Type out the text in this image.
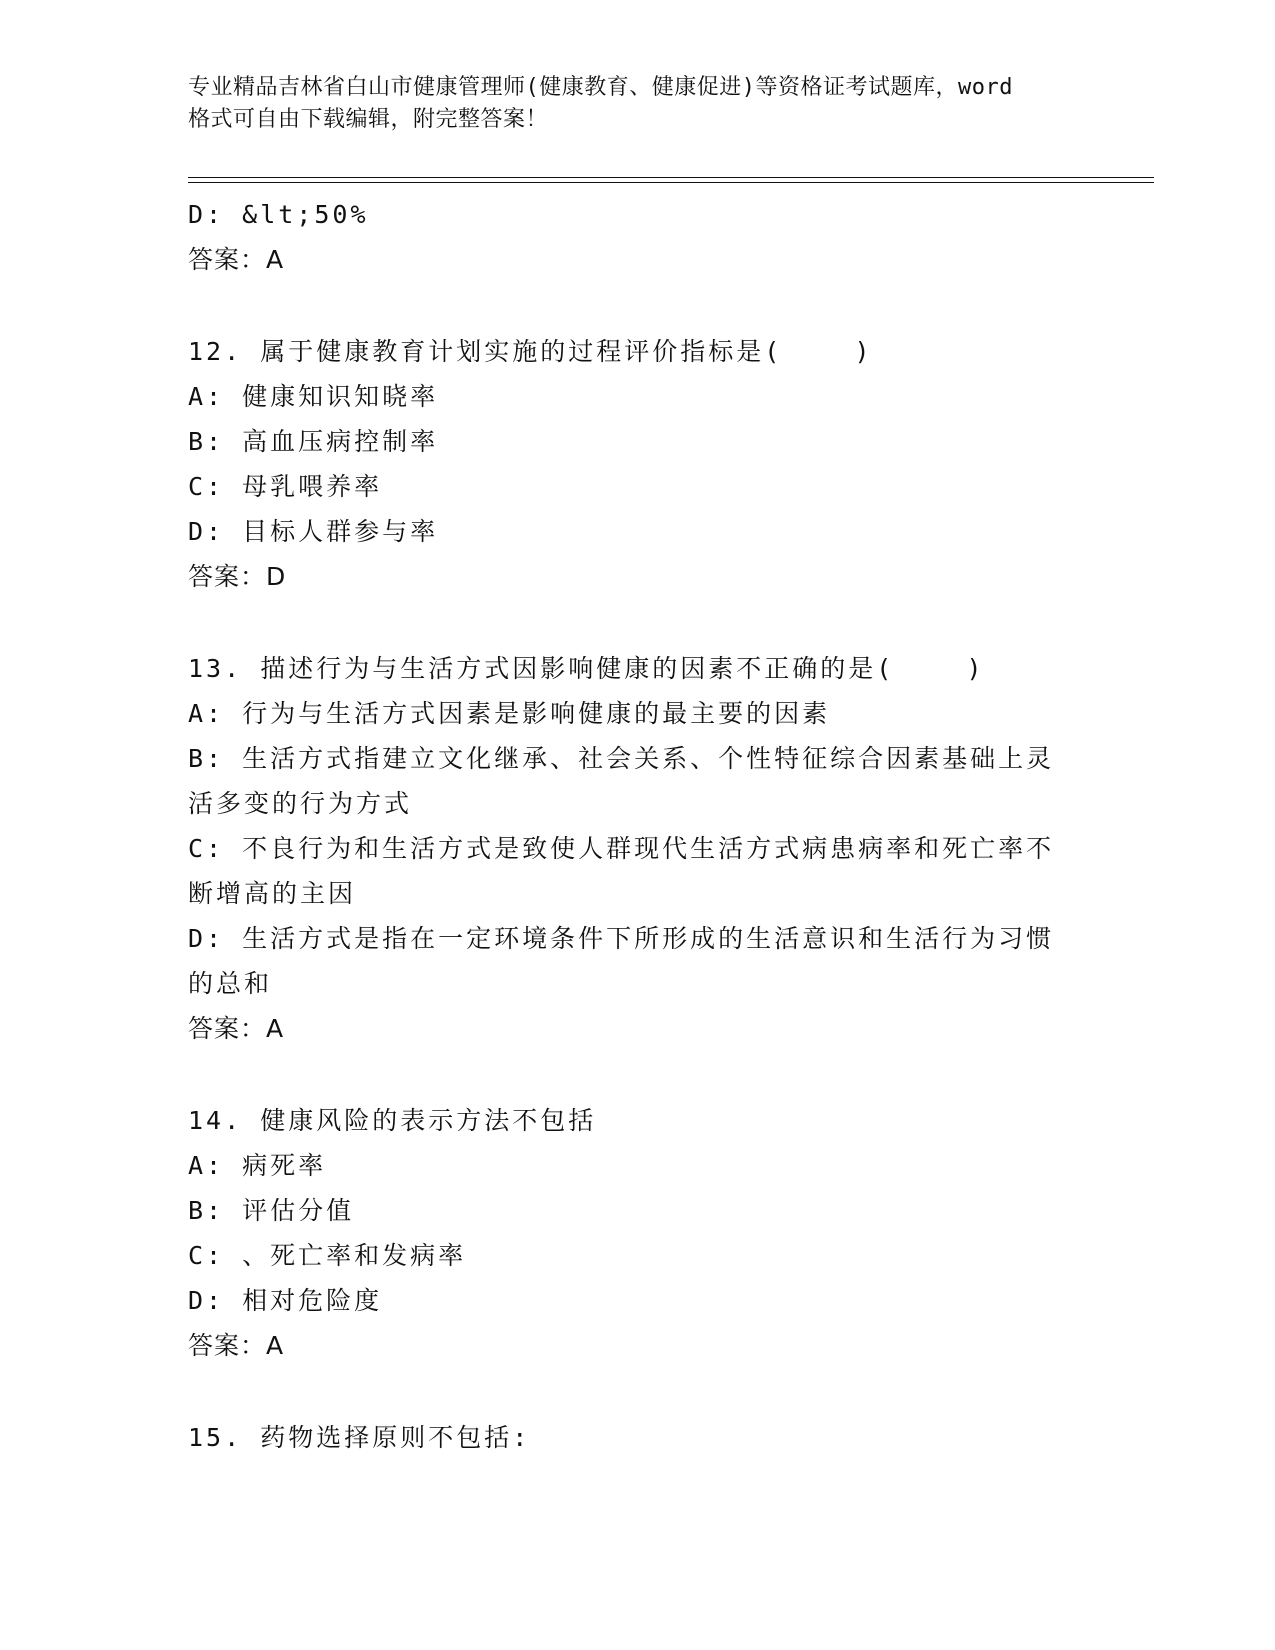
专业精品吉林省白山市健康管理师(健康教育、健康促进)等资格证考试题库，word
格式可自由下载编辑，附完整答案！
D: &lt;50%
答案：A
12. 属于健康教育计划实施的过程评价指标是(    )
A: 健康知识知晓率
B: 高血压病控制率
C: 母乳喂养率
D: 目标人群参与率
答案：D
13. 描述行为与生活方式因影响健康的因素不正确的是(    )
A: 行为与生活方式因素是影响健康的最主要的因素
B: 生活方式指建立文化继承、社会关系、个性特征综合因素基础上灵
活多变的行为方式
C: 不良行为和生活方式是致使人群现代生活方式病患病率和死亡率不
断增高的主因
D: 生活方式是指在一定环境条件下所形成的生活意识和生活行为习惯
的总和
答案：A
14. 健康风险的表示方法不包括
A: 病死率
B: 评估分值
C: 、死亡率和发病率
D: 相对危险度
答案：A
15. 药物选择原则不包括:
